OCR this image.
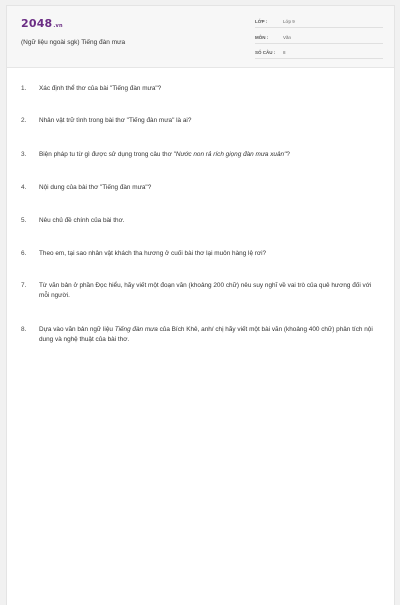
2048.vn
(Ngữ liệu ngoài sgk) Tiếng đàn mưa
LỚP :	Lớp 9
MÔN :	Văn
SỐ CÂU : 8
1.	Xác định thể thơ của bài "Tiếng đàn mưa"?
2.	Nhân vật trữ tình trong bài thơ "Tiếng đàn mưa" là ai?
3.	Biện pháp tu từ gì được sử dụng trong câu thơ "Nước non rả rích giọng đàn mưa xuân"?
4.	Nội dung của bài thơ "Tiếng đàn mưa"?
5.	Nêu chủ đề chính của bài thơ.
6.	Theo em, tại sao nhân vật khách tha hương ở cuối bài thơ lại muôn hàng lệ rơi?
7.	Từ văn bản ở phần Đọc hiểu, hãy viết một đoạn văn (khoảng 200 chữ) nêu suy nghĩ về vai trò của quê hương đối với mỗi người.
8.	Dựa vào văn bản ngữ liệu Tiếng đàn mưa của Bích Khê, anh/ chị hãy viết một bài văn (khoảng 400 chữ) phân tích nội dung và nghệ thuật của bài thơ.
